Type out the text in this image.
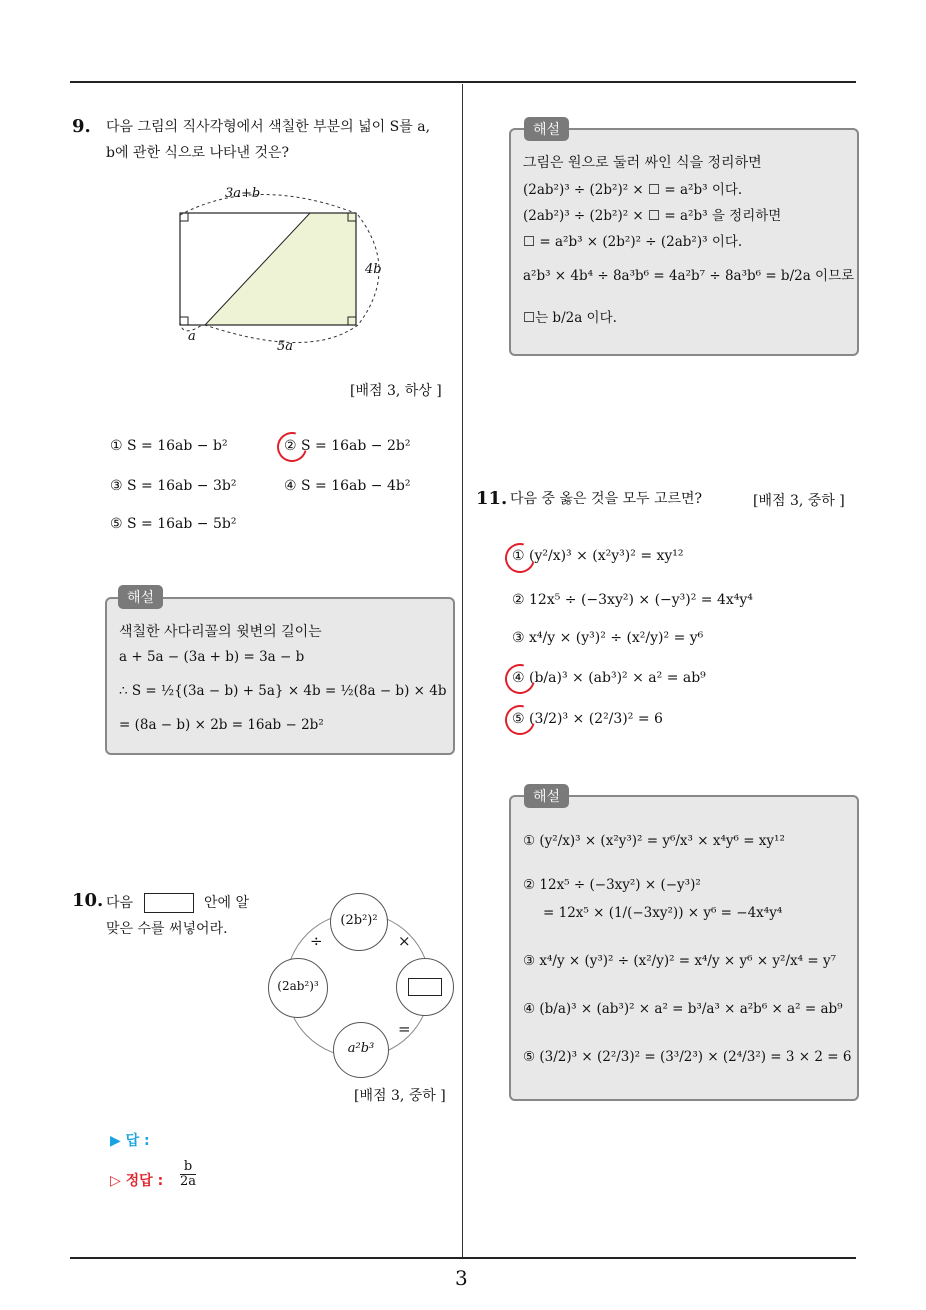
3
9. 다음 그림의 직사각형에서 색칠한 부분의 넓이 S를 a,
b에 관한 식으로 나타낸 것은?
3a+b
4b
5a
a
[배점 3, 하상 ]
① S = 16ab − b²	② S = 16ab − 2b²
③ S = 16ab − 3b²	④ S = 16ab − 4b²
⑤ S = 16ab − 5b²
색칠한 사다리꼴의 윗변의 길이는
a + 5a − (3a + b) = 3a − b
∴ S = ½{(3a − b) + 5a} × 4b = ½(8a − b) × 4b
= (8a − b) × 2b = 16ab − 2b²
해설
10. 다음	안에 알
맞은 수를 써넣어라.
(2b²)²
(2ab²)³
a²b³
÷	×
=
[배점 3, 중하 ]
▶ 답 :
▷ 정답 : $\frac{b}{2a}$
그림은 원으로 둘러 싸인 식을 정리하면
(2ab²)³ ÷ (2b²)² × ☐ = a²b³ 이다.
(2ab²)³ ÷ (2b²)² × ☐ = a²b³ 을 정리하면
☐ = a²b³ × (2b²)² ÷ (2ab²)³ 이다.
a²b³ × 4b⁴ ÷ 8a³b⁶ = 4a²b⁷ ÷ 8a³b⁶ = b/2a 이므로
☐는 b/2a 이다.
해설
11. 다음 중 옳은 것을 모두 고르면?	[배점 3, 중하 ]
① (y²/x)³ × (x²y³)² = xy¹²
② 12x⁵ ÷ (−3xy²) × (−y³)² = 4x⁴y⁴
③ x⁴/y × (y³)² ÷ (x²/y)² = y⁶
④ (b/a)³ × (ab³)² × a² = ab⁹
⑤ (3/2)³ × (2²/3)² = 6
① (y²/x)³ × (x²y³)² = y⁶/x³ × x⁴y⁶ = xy¹²
② 12x⁵ ÷ (−3xy²) × (−y³)²
= 12x⁵ × (1/(−3xy²)) × y⁶ = −4x⁴y⁴
③ x⁴/y × (y³)² ÷ (x²/y)² = x⁴/y × y⁶ × y²/x⁴ = y⁷
④ (b/a)³ × (ab³)² × a² = b³/a³ × a²b⁶ × a² = ab⁹
⑤ (3/2)³ × (2²/3)² = (3³/2³) × (2⁴/3²) = 3 × 2 = 6
해설
